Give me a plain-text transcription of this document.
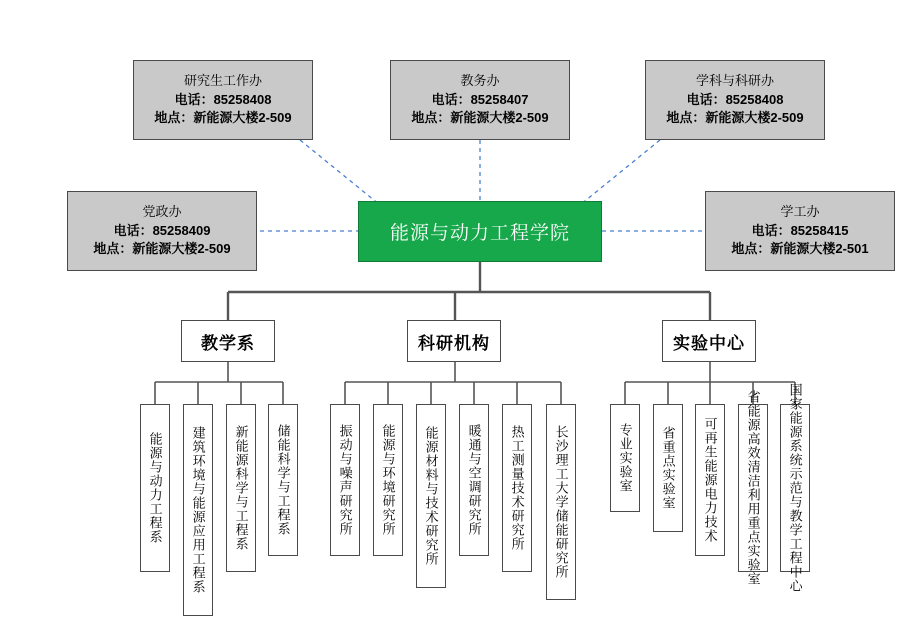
研究生工作办
电话：85258408
地点：新能源大楼2-509
教务办
电话：85258407
地点：新能源大楼2-509
学科与科研办
电话：85258408
地点：新能源大楼2-509
党政办
电话：85258409
地点：新能源大楼2-509
学工办
电话：85258415
地点：新能源大楼2-501
能源与动力工程学院
教学系	科研机构	实验中心
能源与动力工程系	建筑环境与能源应用工程系	新能源科学与工程系	储能科学与工程系	振动与噪声研究所	能源与环境研究所	能源材料与技术研究所	暖通与空调研究所	热工测量技术研究所	长沙理工大学储能研究所	专业实验室	省重点实验室	可再生能源电力技术	省能源高效清洁利用重点实验室	国家能源系统示范与教学工程中心
